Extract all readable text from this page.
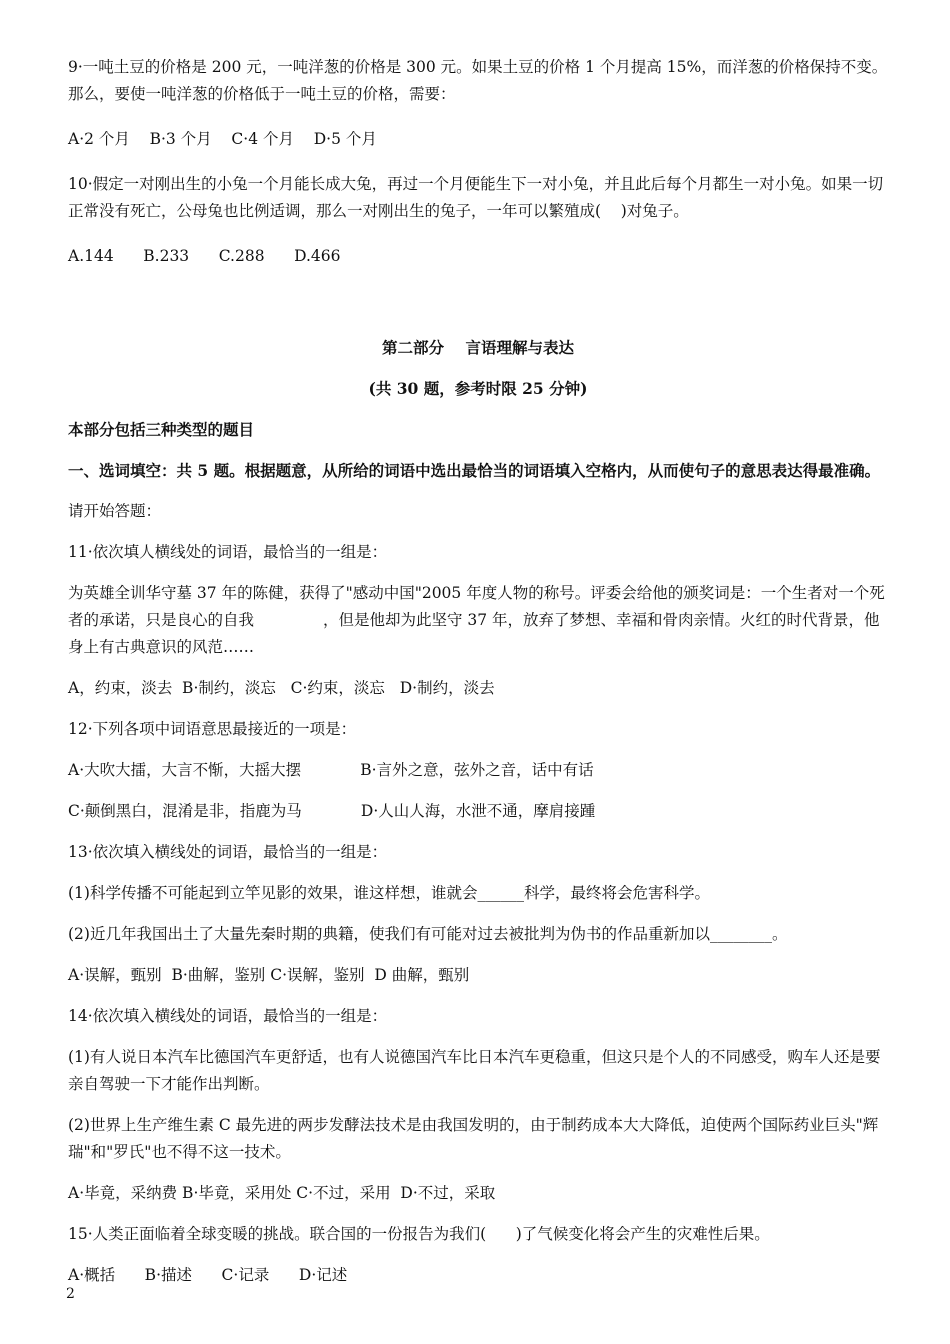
9·一吨土豆的价格是 200 元，一吨洋葱的价格是 300 元。如果土豆的价格 1 个月提高 15%，而洋葱的价格保持不变。那么，要使一吨洋葱的价格低于一吨土豆的价格，需要：

A·2 个月    B·3 个月    C·4 个月    D·5 个月

10·假定一对刚出生的小兔一个月能长成大兔，再过一个月便能生下一对小兔，并且此后每个月都生一对小兔。如果一切正常没有死亡，公母兔也比例适调，那么一对刚出生的兔子，一年可以繁殖成(    )对兔子。

A.144      B.233      C.288      D.466

第二部分    言语理解与表达

(共 30 题，参考时限 25 分钟)

本部分包括三种类型的题目

一、选词填空：共 5 题。根据题意，从所给的词语中选出最恰当的词语填入空格内，从而使句子的意思表达得最准确。

请开始答题：

11·依次填人横线处的词语，最恰当的一组是：

为英雄全训华守墓 37 年的陈健，获得了"感动中国"2005 年度人物的称号。评委会给他的颁奖词是：一个生者对一个死者的承诺，只是良心的自我              ，但是他却为此坚守 37 年，放弃了梦想、幸福和骨肉亲情。火红的时代背景，他身上有古典意识的风范……

A，约束，淡去  B·制约，淡忘   C·约束，淡忘   D·制约，淡去

12·下列各项中词语意思最接近的一项是：

A·大吹大擂，大言不惭，大摇大摆            B·言外之意，弦外之音，话中有话

C·颠倒黑白，混淆是非，指鹿为马            D·人山人海，水泄不通，摩肩接踵

13·依次填入横线处的词语，最恰当的一组是：

(1)科学传播不可能起到立竿见影的效果，谁这样想，谁就会______科学，最终将会危害科学。

(2)近几年我国出土了大量先秦时期的典籍，使我们有可能对过去被批判为伪书的作品重新加以________。

A·误解，甄别  B·曲解，鉴别 C·误解，鉴别  D 曲解，甄别

14·依次填入横线处的词语，最恰当的一组是：

(1)有人说日本汽车比德国汽车更舒适，也有人说德国汽车比日本汽车更稳重，但这只是个人的不同感受，购车人还是要亲自驾驶一下才能作出判断。

(2)世界上生产维生素 C 最先进的两步发酵法技术是由我国发明的，由于制药成本大大降低，迫使两个国际药业巨头"辉瑞"和"罗氏"也不得不这一技术。

A·毕竟，采纳费 B·毕竟，采用处 C·不过，采用  D·不过，采取

15·人类正面临着全球变暖的挑战。联合国的一份报告为我们(      )了气候变化将会产生的灾难性后果。

A·概括      B·描述      C·记录      D·记述

2
